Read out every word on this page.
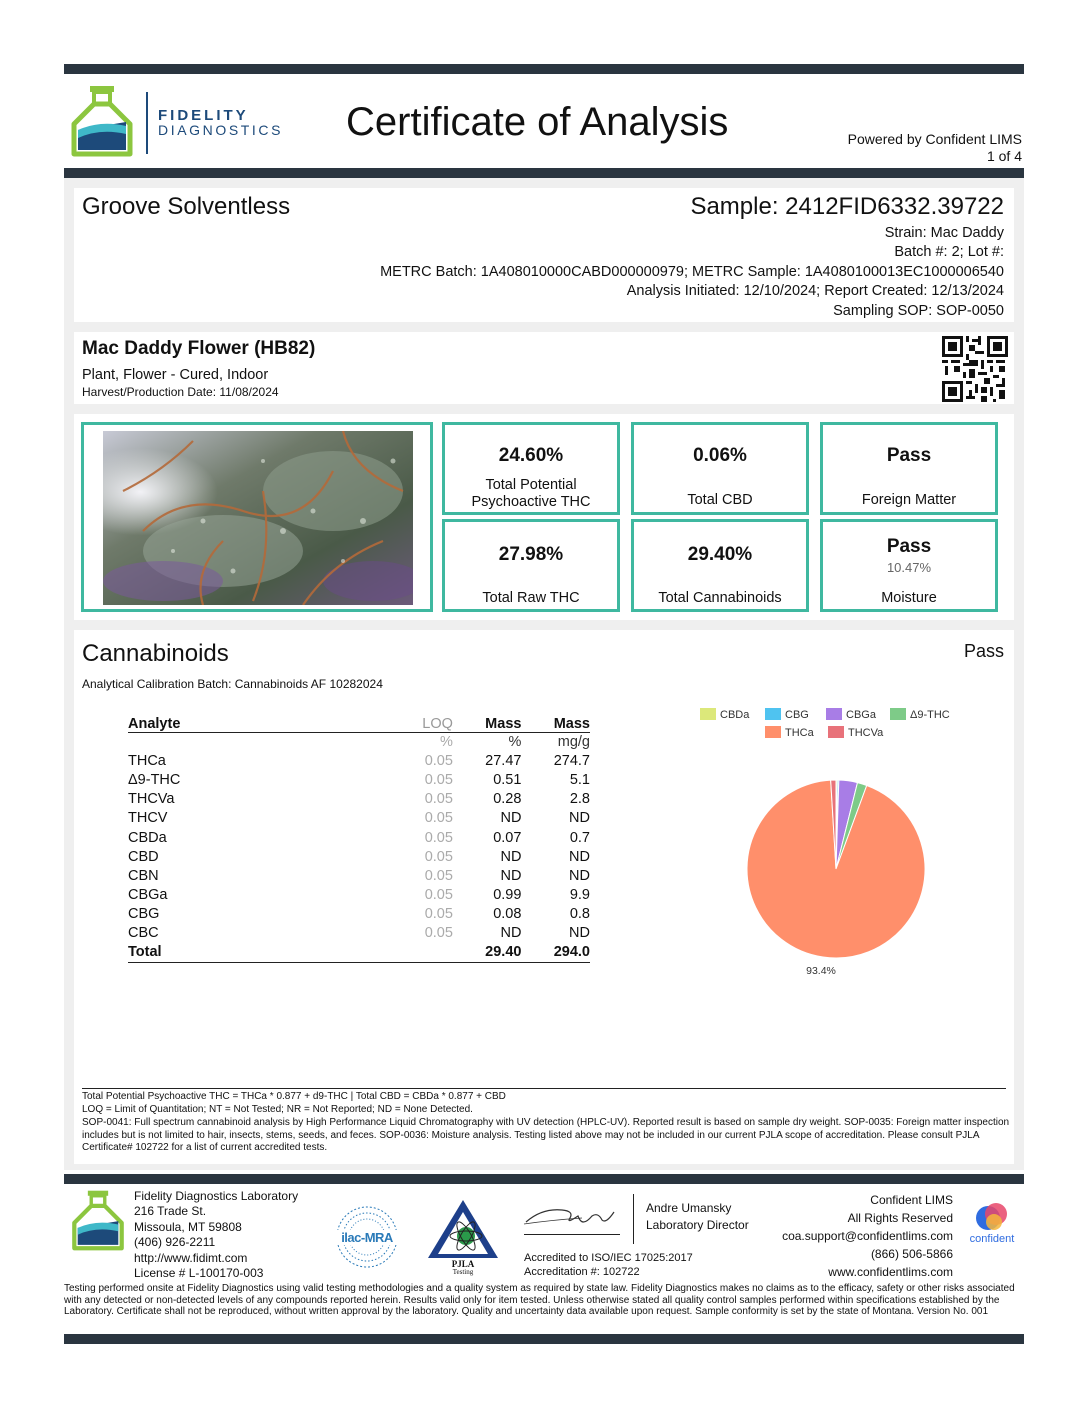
FIDELITY
DIAGNOSTICS Certificate of Analysis	Powered by Confident LIMS
1 of 4
Groove Solventless	Sample: 2412FID6332.39722
Strain: Mac Daddy
Batch #: 2; Lot #:
METRC Batch: 1A408010000CABD000000979; METRC Sample: 1A4080100013EC1000006540
Analysis Initiated: 12/10/2024; Report Created: 12/13/2024
Sampling SOP: SOP-0050
Mac Daddy Flower (HB82)
Plant, Flower - Cured, Indoor
Harvest/Production Date: 11/08/2024
24.60%
Total Potential
Psychoactive THC
0.06%
Total CBD
Pass
Foreign Matter
27.98%
Total Raw THC
29.40%
Total Cannabinoids
Pass
10.47%
Moisture
Cannabinoids	Pass
Analytical Calibration Batch: Cannabinoids AF 10282024
Analyte	LOQ	Mass	Mass
	%	%	mg/g
THCa	0.05	27.47	274.7
Δ9-THC	0.05	0.51	5.1
THCVa	0.05	0.28	2.8
THCV	0.05	ND	ND
CBDa	0.05	0.07	0.7
CBD	0.05	ND	ND
CBN	0.05	ND	ND
CBGa	0.05	0.99	9.9
CBG	0.05	0.08	0.8
CBC	0.05	ND	ND
Total		29.40	294.0
CBDa	CBG	CBGa	Δ9-THC
THCa	THCVa
93.4%
Total Potential Psychoactive THC = THCa * 0.877 + d9-THC | Total CBD = CBDa * 0.877 + CBD
LOQ = Limit of Quantitation; NT = Not Tested; NR = Not Reported; ND = None Detected.
SOP-0041: Full spectrum cannabinoid analysis by High Performance Liquid Chromatography with UV detection (HPLC-UV). Reported result is based on sample dry weight. SOP-0035: Foreign matter inspection includes but is not limited to hair, insects, stems, seeds, and feces. SOP-0036: Moisture analysis. Testing listed above may not be included in our current PJLA scope of accreditation. Please consult PJLA Certificate# 102722 for a list of current accredited tests.
Fidelity Diagnostics Laboratory
216 Trade St.
Missoula, MT 59808
(406) 926-2211
http://www.fidimt.com
License # L-100170-003
ilac-MRA
PJLA
Testing
Andre Umansky
Laboratory Director
Accredited to ISO/IEC 17025:2017
Accreditation #: 102722
Confident LIMS
All Rights Reserved
coa.support@confidentlims.com
(866) 506-5866
www.confidentlims.com
confident
Testing performed onsite at Fidelity Diagnostics using valid testing methodologies and a quality system as required by state law. Fidelity Diagnostics makes no claims as to the efficacy, safety or other risks associated with any detected or non-detected levels of any compounds reported herein. Results valid only for item tested. Unless otherwise stated all quality control samples performed within specifications established by the Laboratory. Certificate shall not be reproduced, without written approval by the laboratory. Quality and uncertainty data available upon request. Sample conformity is set by the state of Montana. Version No. 001
